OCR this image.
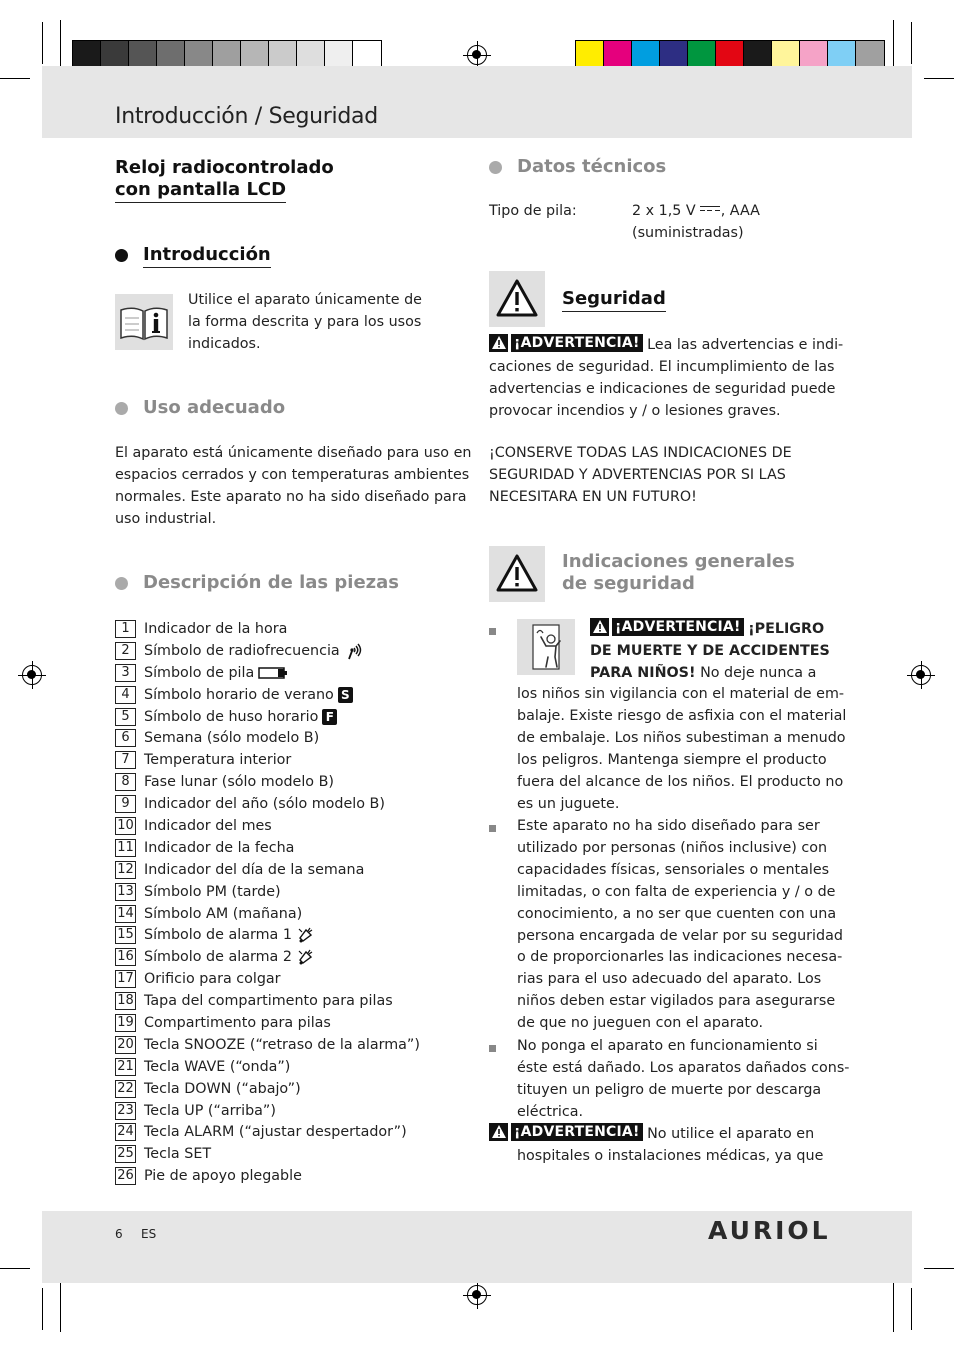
Introducción / Seguridad
Reloj radiocontrolado
con pantalla LCD
Introducción
Utilice el aparato únicamente de
la forma descrita y para los usos
indicados.
Uso adecuado
El aparato está únicamente diseñado para uso en
espacios cerrados y con temperaturas ambientes
normales. Este aparato no ha sido diseñado para
uso industrial.
Descripción de las piezas
1	Indicador de la hora
2	Símbolo de radiofrecuencia
3	Símbolo de pila
4	Símbolo horario de verano S
5	Símbolo de huso horario F
6	Semana (sólo modelo B)
7	Temperatura interior
8	Fase lunar (sólo modelo B)
9	Indicador del año (sólo modelo B)
10 Indicador del mes
11 Indicador de la fecha
12 Indicador del día de la semana
13 Símbolo PM (tarde)
14 Símbolo AM (mañana)
15 Símbolo de alarma 1
16 Símbolo de alarma 2
17 Orificio para colgar
18 Tapa del compartimento para pilas
19 Compartimento para pilas
20 Tecla SNOOZE (“retraso de la alarma”)
21 Tecla WAVE (“onda”)
22 Tecla DOWN (“abajo”)
23 Tecla UP (“arriba”)
24 Tecla ALARM (“ajustar despertador”)
25 Tecla SET
26 Pie de apoyo plegable
Datos técnicos
Tipo de pila:	2 x 1,5 V , AAA
(suministradas)
Seguridad
¡ADVERTENCIA! Lea las advertencias e indi-
caciones de seguridad. El incumplimiento de las
advertencias e indicaciones de seguridad puede
provocar incendios y / o lesiones graves.
¡CONSERVE TODAS LAS INDICACIONES DE
SEGURIDAD Y ADVERTENCIAS POR SI LAS
NECESITARA EN UN FUTURO!
Indicaciones generales
de seguridad
¡ADVERTENCIA! ¡PELIGRO
DE MUERTE Y DE ACCIDENTES
PARA NIÑOS! No deje nunca a
los niños sin vigilancia con el material de em-
balaje. Existe riesgo de asfixia con el material
de embalaje. Los niños subestiman a menudo
los peligros. Mantenga siempre el producto
fuera del alcance de los niños. El producto no
es un juguete.
Este aparato no ha sido diseñado para ser
utilizado por personas (niños inclusive) con
capacidades físicas, sensoriales o mentales
limitadas, o con falta de experiencia y / o de
conocimiento, a no ser que cuenten con una
persona encargada de velar por su seguridad
o de proporcionarles las indicaciones necesa-
rias para el uso adecuado del aparato. Los
niños deben estar vigilados para asegurarse
de que no jueguen con el aparato.
No ponga el aparato en funcionamiento si
éste está dañado. Los aparatos dañados cons-
tituyen un peligro de muerte por descarga
eléctrica.
¡ADVERTENCIA! No utilice el aparato en
hospitales o instalaciones médicas, ya que
6 ES	AURIOL
